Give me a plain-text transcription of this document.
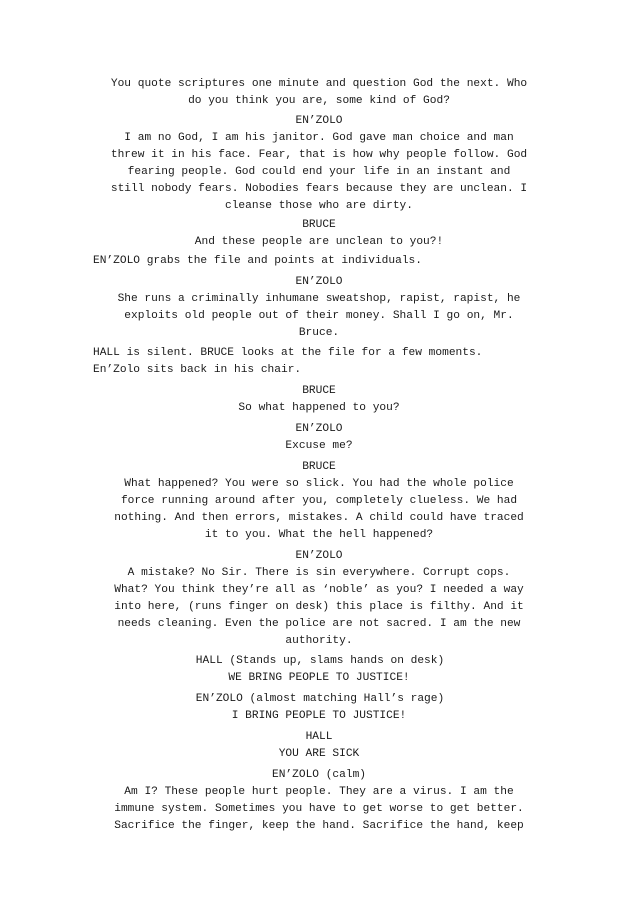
You quote scriptures one minute and question God the next. Who
do you think you are, some kind of God?
EN’ZOLO
I am no God, I am his janitor. God gave man choice and man
threw it in his face. Fear, that is how why people follow. God
fearing people. God could end your life in an instant and
still nobody fears. Nobodies fears because they are unclean. I
cleanse those who are dirty.
BRUCE
And these people are unclean to you?!
EN’ZOLO grabs the file and points at individuals.
EN’ZOLO
She runs a criminally inhumane sweatshop, rapist, rapist, he
exploits old people out of their money. Shall I go on, Mr.
Bruce.
HALL is silent. BRUCE looks at the file for a few moments.
En’Zolo sits back in his chair.
BRUCE
So what happened to you?
EN’ZOLO
Excuse me?
BRUCE
What happened? You were so slick. You had the whole police
force running around after you, completely clueless. We had
nothing. And then errors, mistakes. A child could have traced
it to you. What the hell happened?
EN’ZOLO
A mistake? No Sir. There is sin everywhere. Corrupt cops.
What? You think they’re all as ‘noble’ as you? I needed a way
into here, (runs finger on desk) this place is filthy. And it
needs cleaning. Even the police are not sacred. I am the new
authority.
HALL (Stands up, slams hands on desk)
WE BRING PEOPLE TO JUSTICE!
EN’ZOLO (almost matching Hall’s rage)
I BRING PEOPLE TO JUSTICE!
HALL
YOU ARE SICK
EN’ZOLO (calm)
Am I? These people hurt people. They are a virus. I am the
immune system. Sometimes you have to get worse to get better.
Sacrifice the finger, keep the hand. Sacrifice the hand, keep
